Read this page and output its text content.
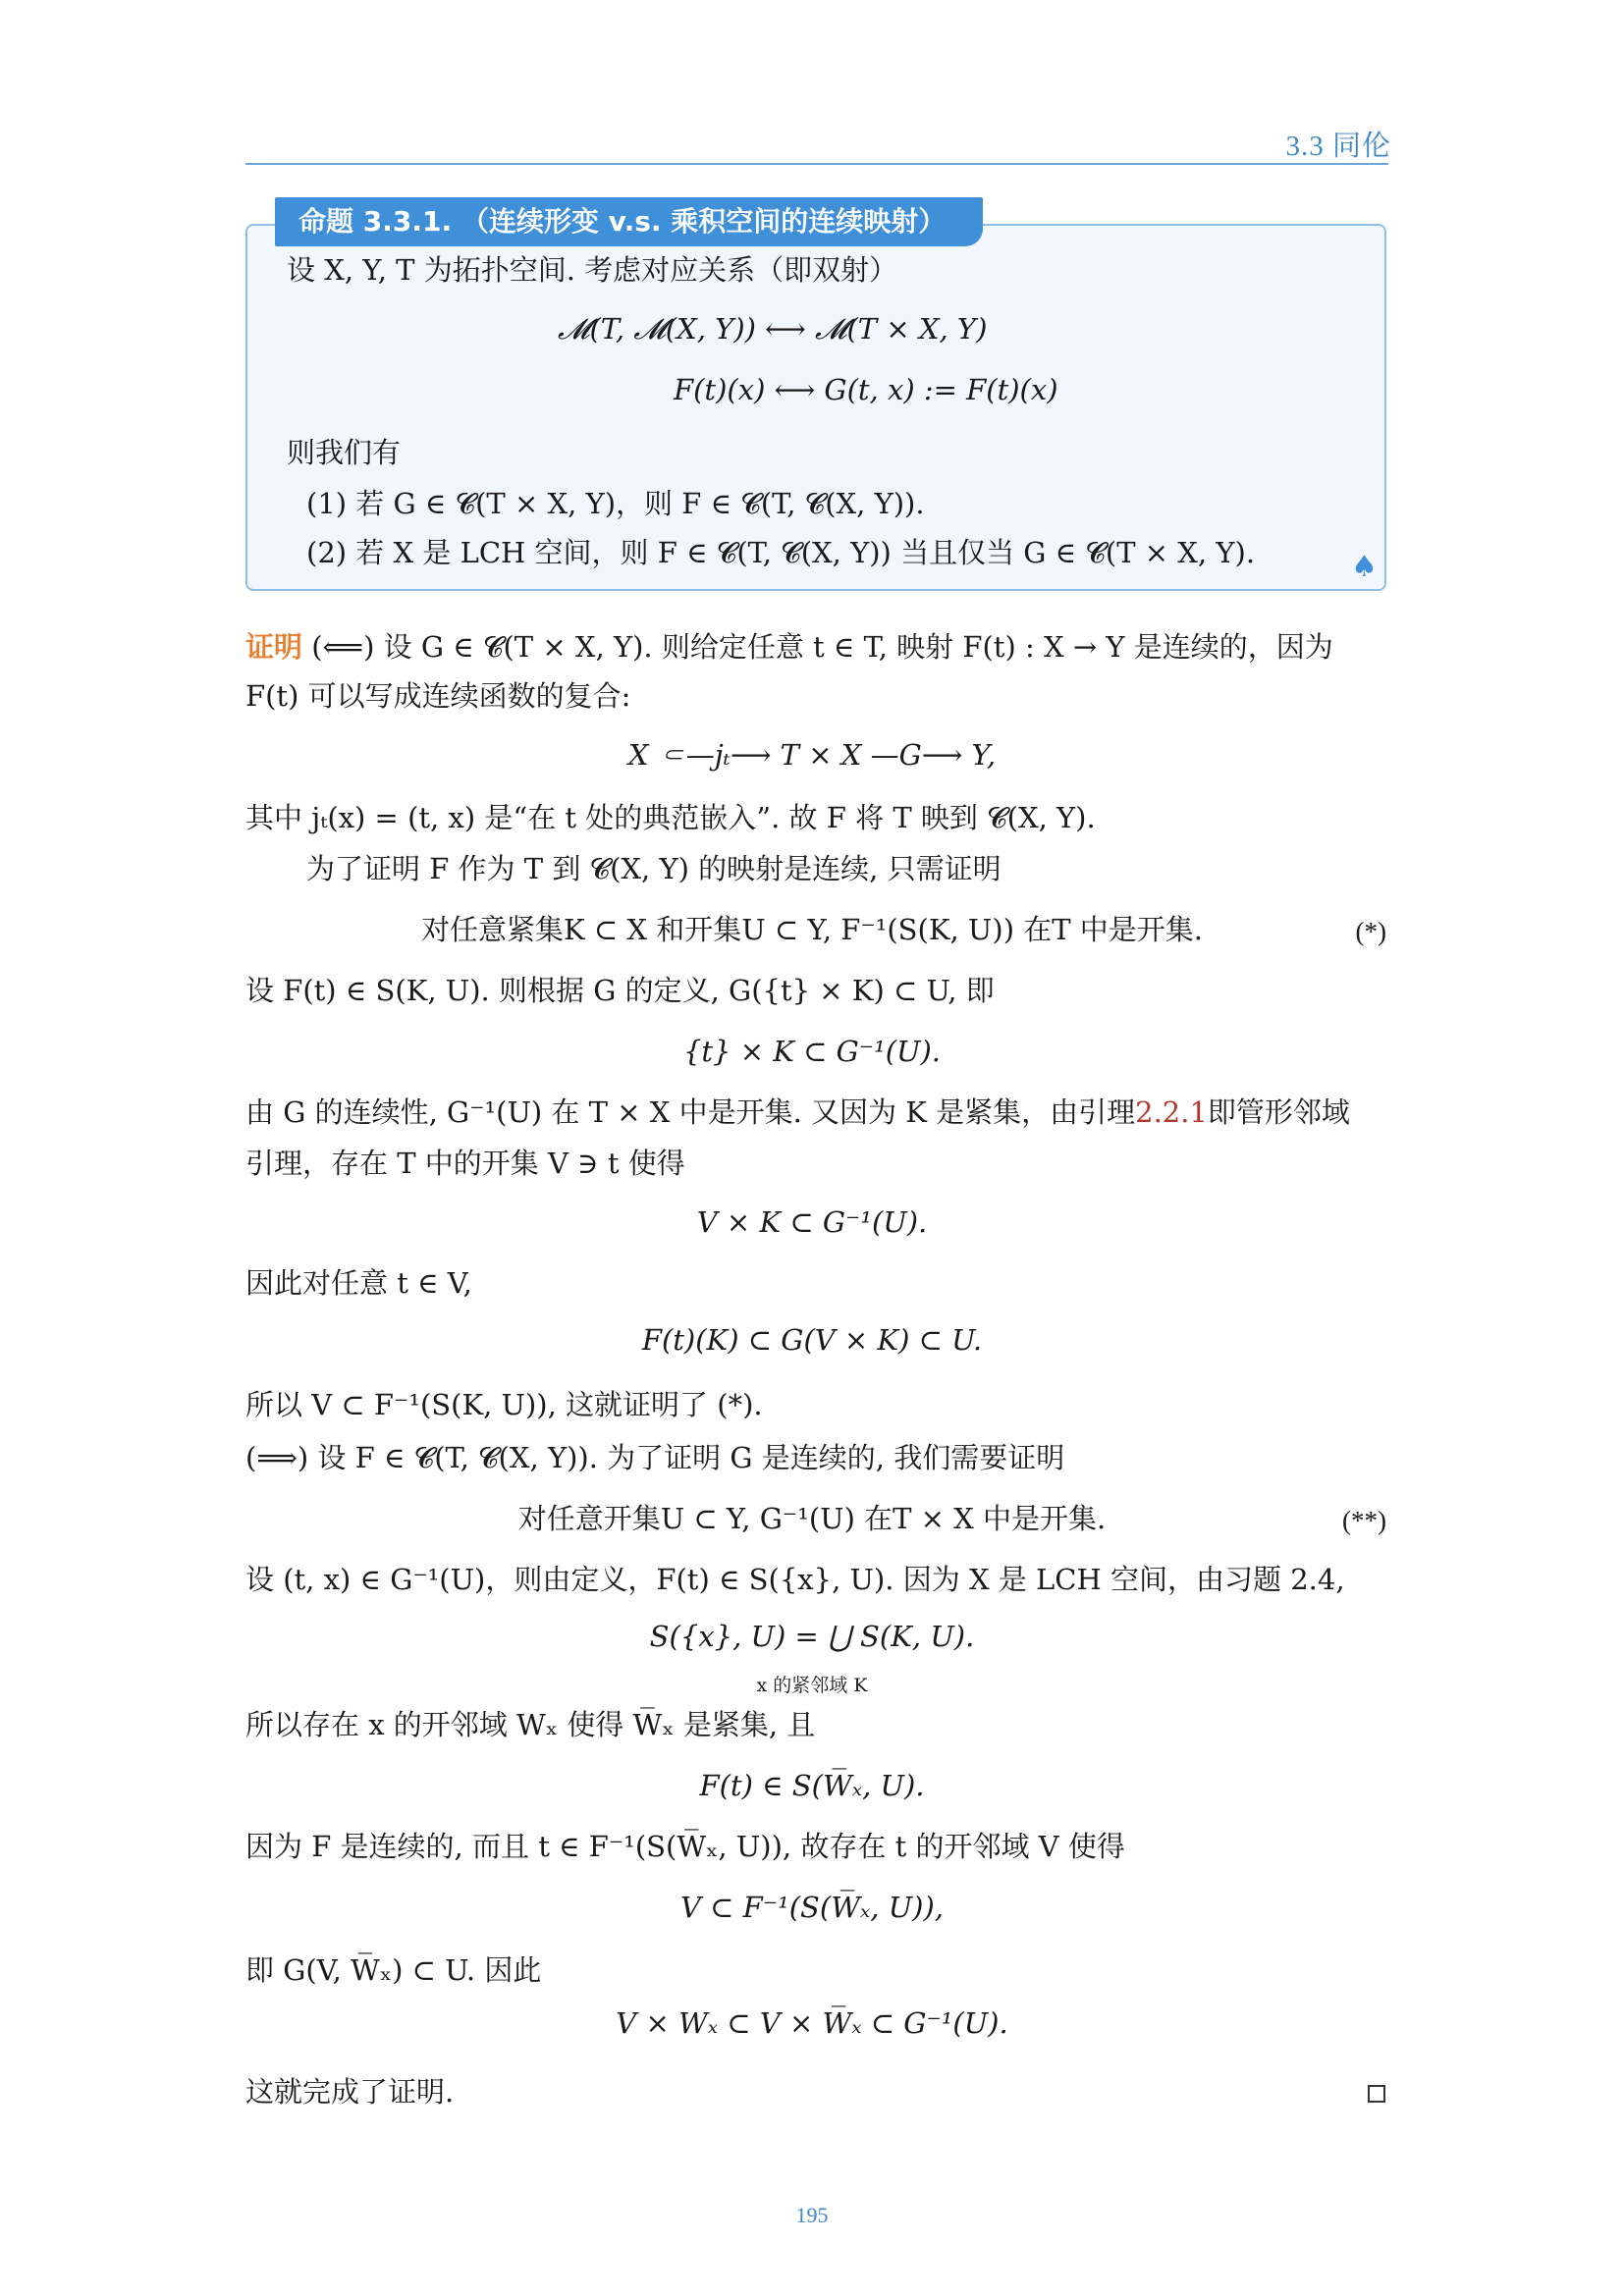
3.3 同伦
命题 3.3.1. （连续形变 v.s. 乘积空间的连续映射）
设 X, Y, T 为拓扑空间. 考虑对应关系（即双射）
𝓜(T, 𝓜(X, Y)) ⟷ 𝓜(T × X, Y)
F(t)(x) ⟷ G(t, x) := F(t)(x)
则我们有
(1) 若 G ∈ 𝓒(T × X, Y)，则 F ∈ 𝓒(T, 𝓒(X, Y)).
(2) 若 X 是 LCH 空间，则 F ∈ 𝓒(T, 𝓒(X, Y)) 当且仅当 G ∈ 𝓒(T × X, Y).	♠
证明 (⟸) 设 G ∈ 𝓒(T × X, Y). 则给定任意 t ∈ T, 映射 F(t) : X → Y 是连续的，因为
F(t) 可以写成连续函数的复合:
X ⸦—jₜ⟶ T × X —G⟶ Y,
其中 jₜ(x) = (t, x) 是“在 t 处的典范嵌入”. 故 F 将 T 映到 𝓒(X, Y).
为了证明 F 作为 T 到 𝓒(X, Y) 的映射是连续, 只需证明
对任意紧集K ⊂ X 和开集U ⊂ Y, F⁻¹(S(K, U)) 在T 中是开集.	(*)
设 F(t) ∈ S(K, U). 则根据 G 的定义, G({t} × K) ⊂ U, 即
{t} × K ⊂ G⁻¹(U).
由 G 的连续性, G⁻¹(U) 在 T × X 中是开集. 又因为 K 是紧集，由引理2.2.1即管形邻域
引理，存在 T 中的开集 V ∋ t 使得
V × K ⊂ G⁻¹(U).
因此对任意 t ∈ V,
F(t)(K) ⊂ G(V × K) ⊂ U.
所以 V ⊂ F⁻¹(S(K, U)), 这就证明了 (*).
(⟹) 设 F ∈ 𝓒(T, 𝓒(X, Y)). 为了证明 G 是连续的, 我们需要证明
对任意开集U ⊂ Y, G⁻¹(U) 在T × X 中是开集.	(**)
设 (t, x) ∈ G⁻¹(U)，则由定义，F(t) ∈ S({x}, U). 因为 X 是 LCH 空间，由习题 2.4,
S({x}, U) = ⋃ S(K, U).
x 的紧邻域 K
所以存在 x 的开邻域 Wₓ 使得 W̅ₓ 是紧集, 且
F(t) ∈ S(W̅ₓ, U).
因为 F 是连续的, 而且 t ∈ F⁻¹(S(W̅ₓ, U)), 故存在 t 的开邻域 V 使得
V ⊂ F⁻¹(S(W̅ₓ, U)),
即 G(V, W̅ₓ) ⊂ U. 因此
V × Wₓ ⊂ V × W̅ₓ ⊂ G⁻¹(U).
这就完成了证明.
195
